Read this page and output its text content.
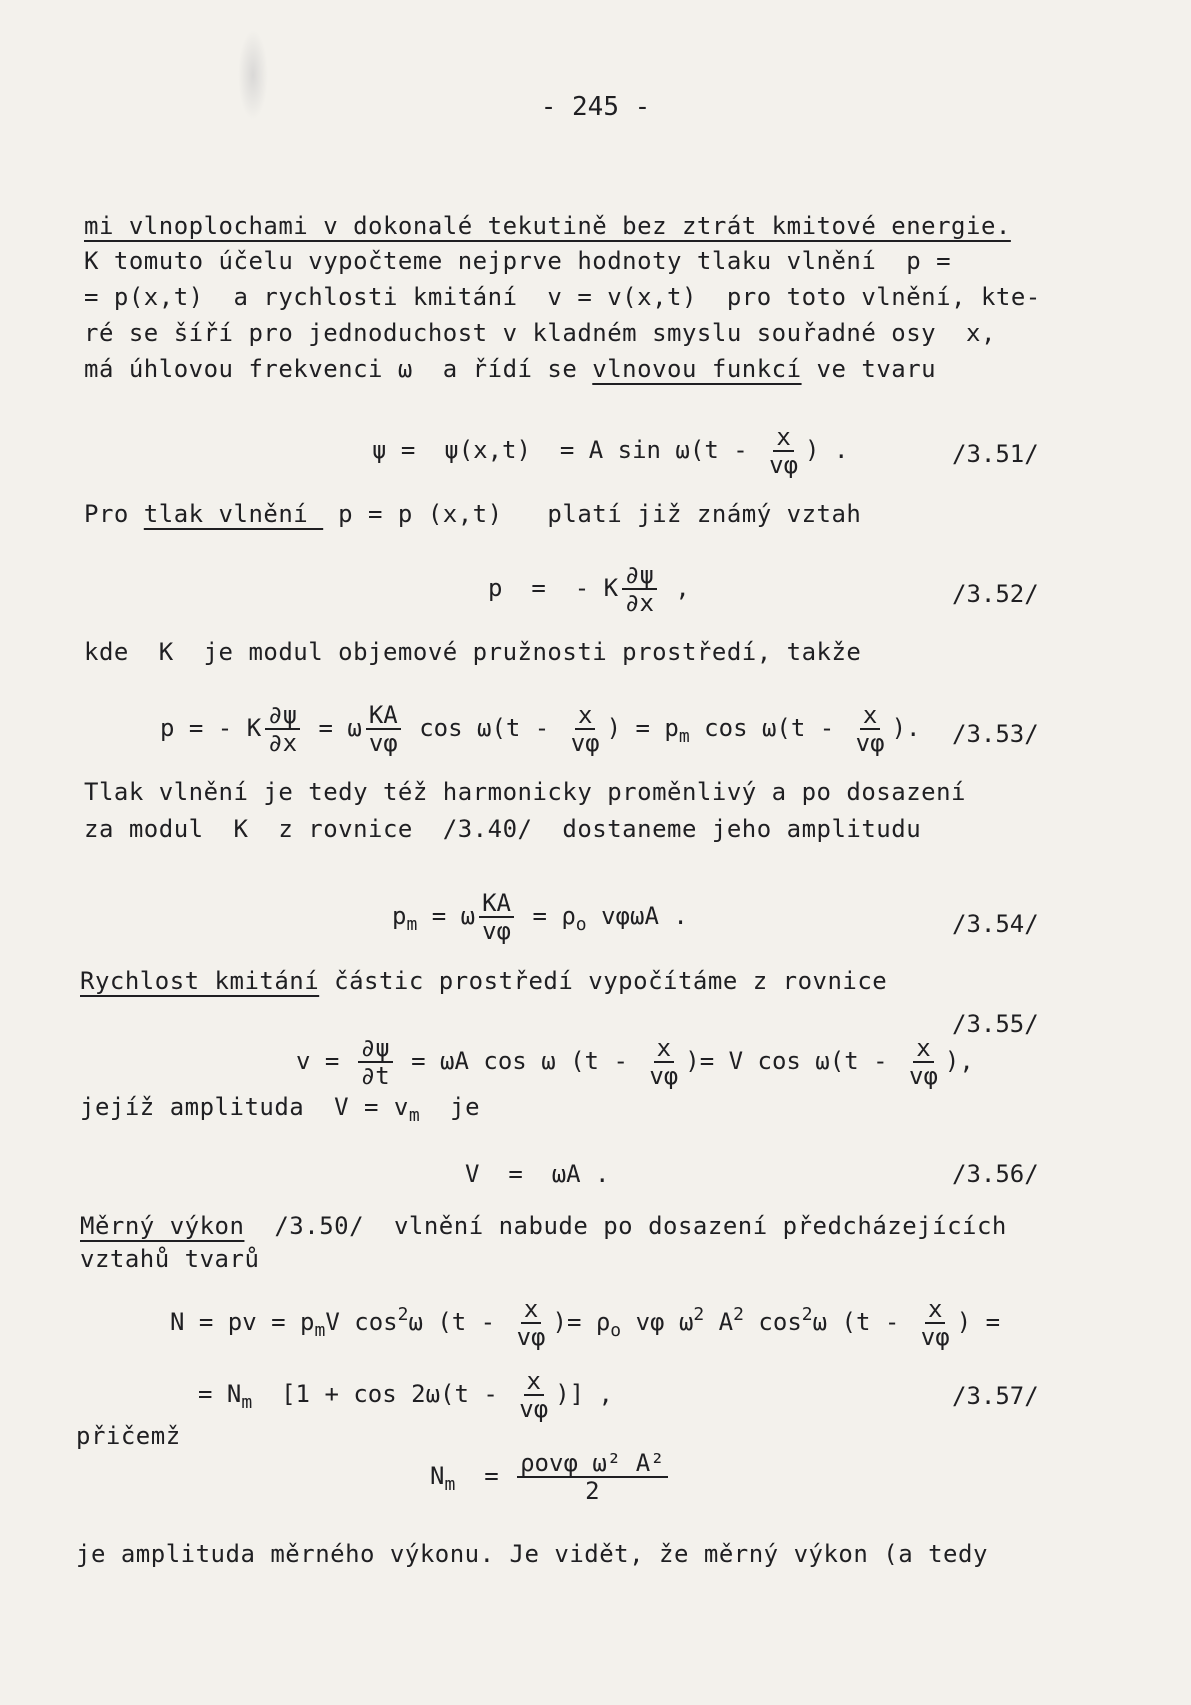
- 245 -
mi vlnoplochami v dokonalé tekutině bez ztrát kmitové energie.
K tomuto účelu vypočteme nejprve hodnoty tlaku vlnění  p =
= p(x,t)  a rychlosti kmitání  v = v(x,t)  pro toto vlnění, kte-
ré se šíří pro jednoduchost v kladném smyslu souřadné osy  x,
má úhlovou frekvenci ω  a řídí se vlnovou funkcí ve tvaru
ψ =  ψ(x,t)  = A $\sin \omega(t - \frac{x}{v\varphi}$ ) .	/3.51/
Pro tlak vlnění  p = p (x,t)   platí již známý vztah
p  =  - K $\frac{\partial\psi}{\partial x}$ ,	/3.52/
kde  K  je modul objemové pružnosti prostředí, takže
p = - K $\frac{\partial\psi}{\partial x} = \omega \frac{KA}{v\varphi}$ $\cos \omega(t - \frac{x}{v\varphi}$ ) = $p_m$ $\cos \omega(t - \frac{x}{v\varphi}$ ). /3.53/
Tlak vlnění je tedy též harmonicky proměnlivý a po dosazení
za modul  K  z rovnice  /3.40/  dostaneme jeho amplitudu
$p_m = \omega \frac{KA}{v\varphi} = \rho_o$ vφωA .	/3.54/
Rychlost kmitání částic prostředí vypočítáme z rovnice
/3.55/
$v = \frac{\partial\psi}{\partial t} = \omega A$ cos ω ($t - \frac{x}{v\varphi}$ )= V $\cos \omega(t - \frac{x}{v\varphi}$ ),
jejíž amplituda  $V = v_m$  je
V  =  ωA .	/3.56/
Měrný výkon  /3.50/  vlnění nabude po dosazení předcházejících
vztahů tvarů
N = pv = $p_mV$ $\cos^2\omega$ ($t - \frac{x}{v\varphi}$ )= $\rho_o$ vφ $\omega^2$ $A^2$ $\cos^2\omega$ ($t - \frac{x}{v\varphi}$ ) =
= $N_m$  [$1 + \cos 2\omega(t - \frac{x}{v\varphi}$ )] ,	/3.57/
přičemž
$N_m = \frac{\text{ρovφ ω² A²}}{2}$
je amplituda měrného výkonu. Je vidět, že měrný výkon (a tedy
